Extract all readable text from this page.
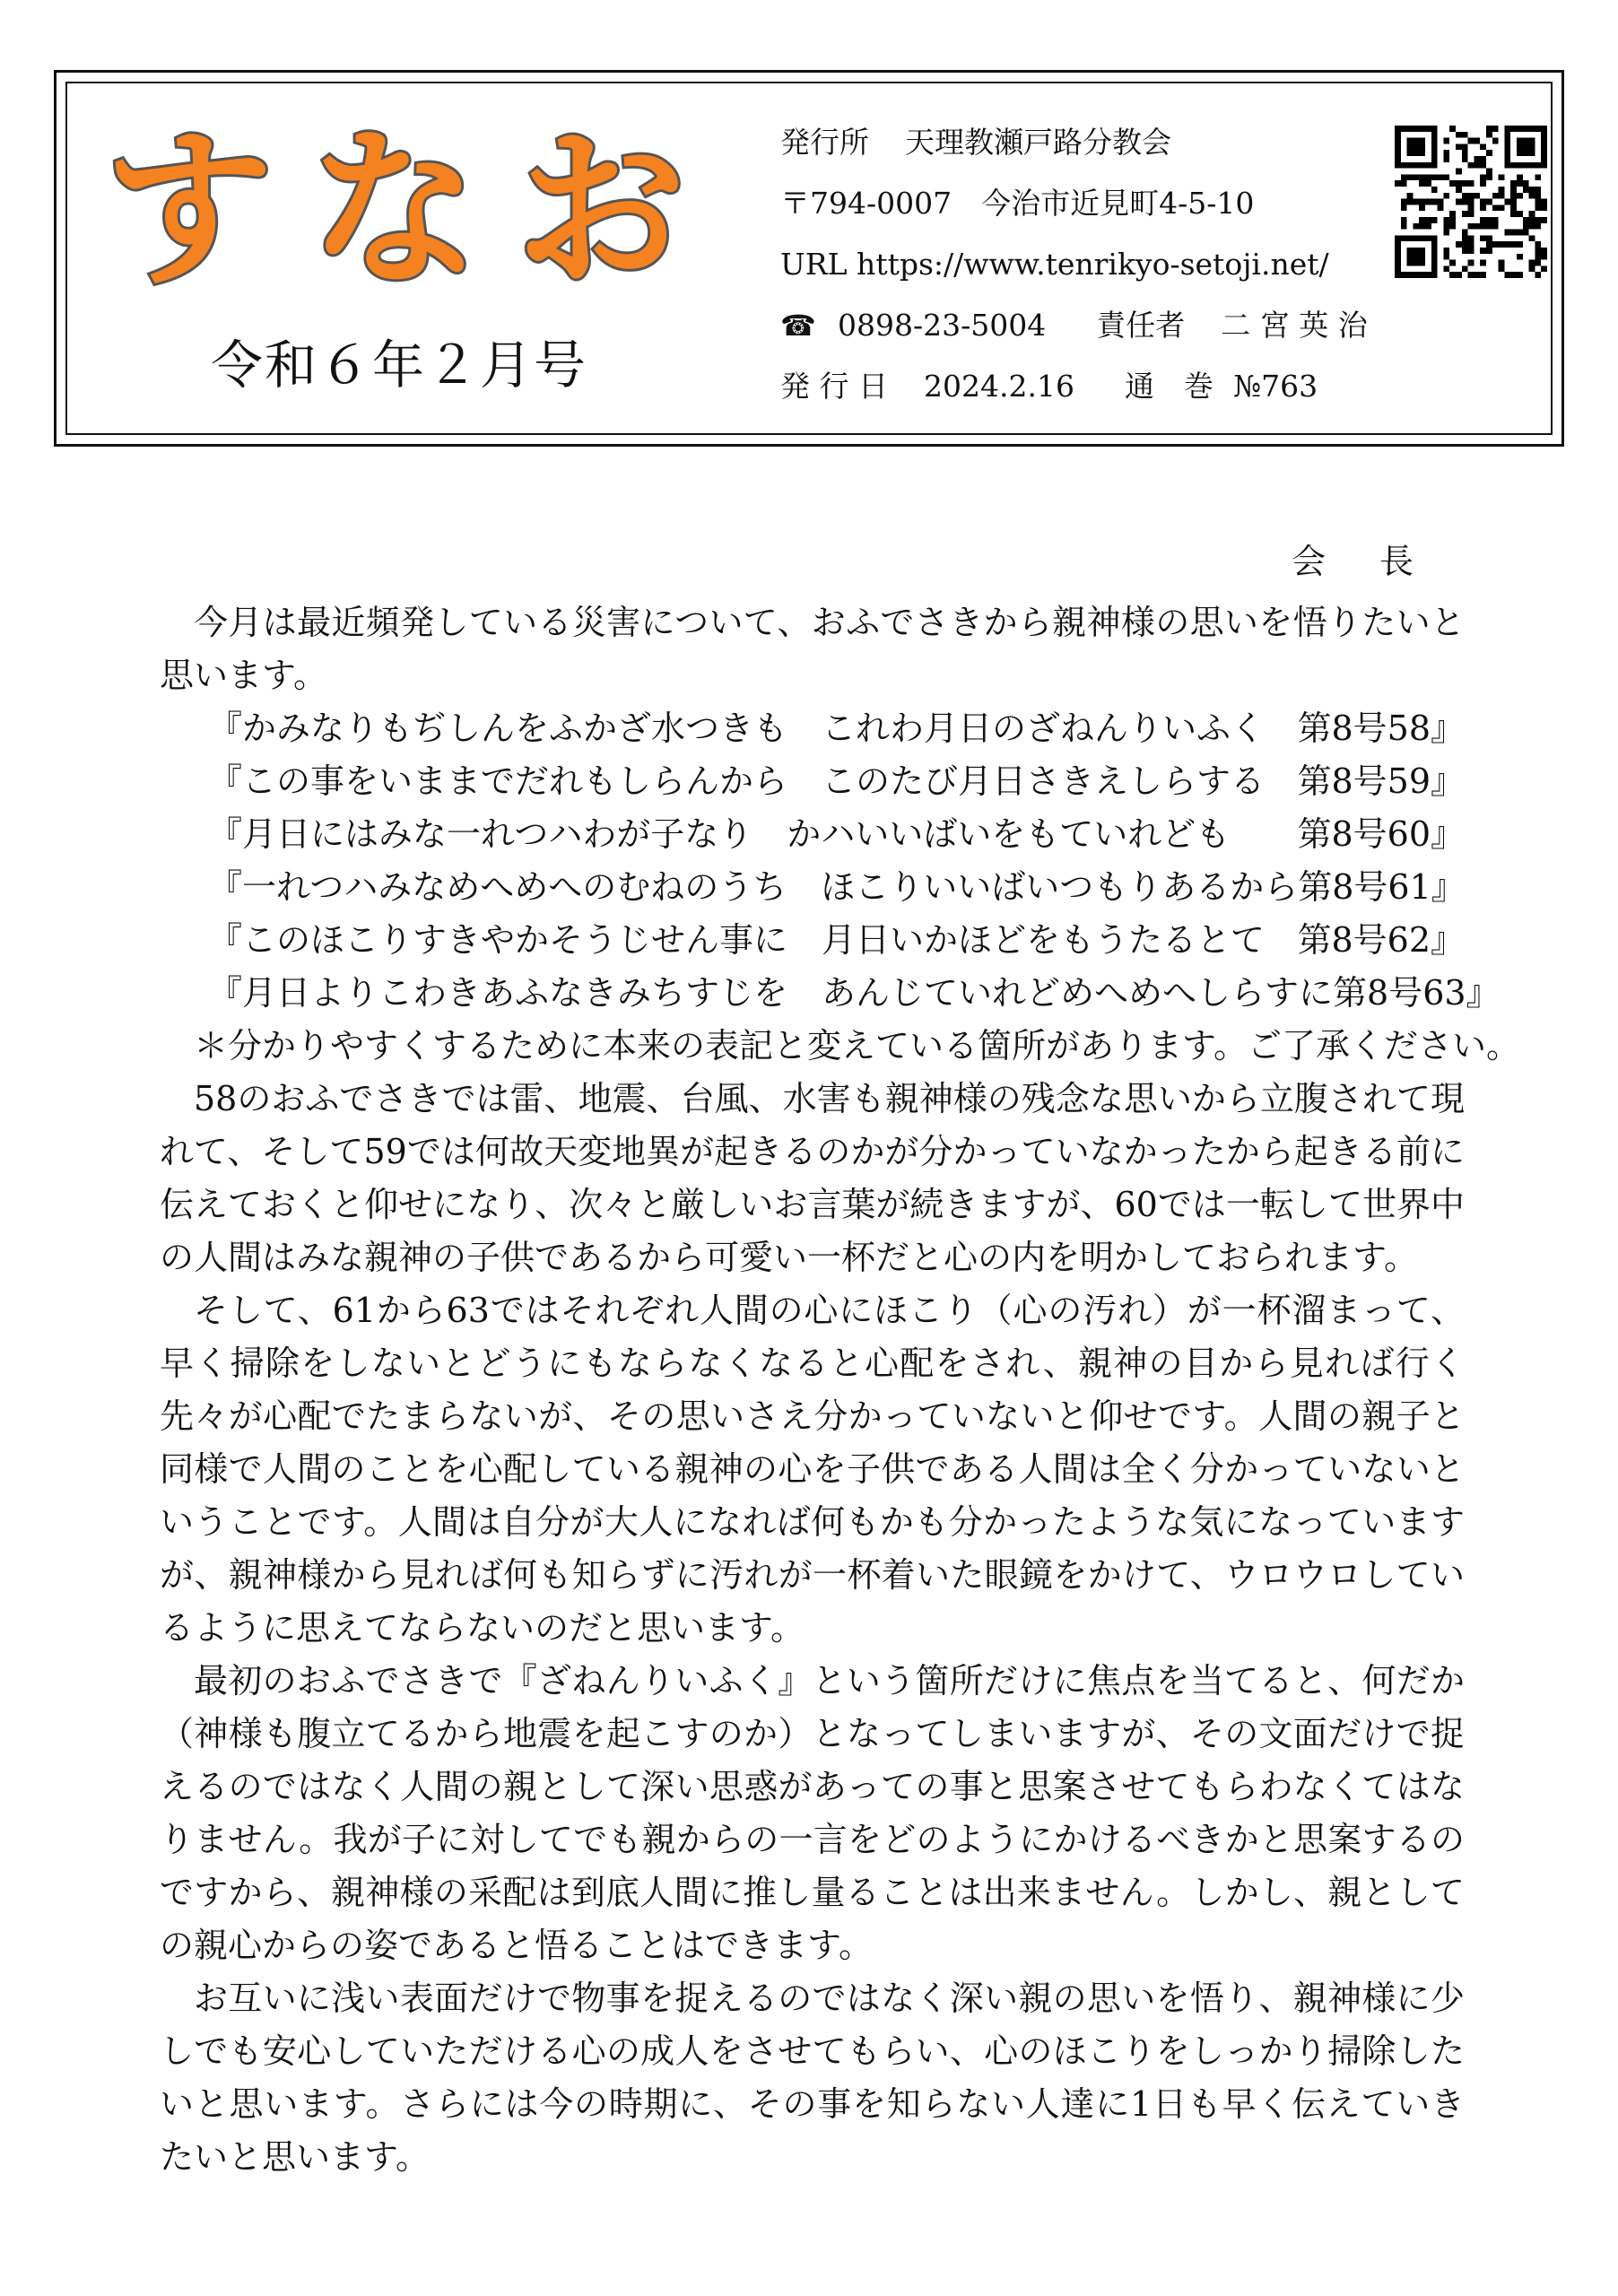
すなお
令和６年２月号
発行所 天理教瀬戸路分教会
〒794-0007　今治市近見町4-5-10
URL https://www.tenrikyo-setoji.net/
☎ 0898-23-5004 責任者 二 宮 英 治
発 行 日 2024.2.16 通　巻 №763
会長

今月は最近頻発している災害について、おふでさきから親神様の思いを悟りたいと思います。

『かみなりもぢしんをふかざ水つきも　これわ月日のざねんりいふく 第8号58』
『この事をいままでだれもしらんから　このたび月日さきえしらする 第8号59』
『月日にはみな一れつハわが子なり　かハいいばいをもていれども 第8号60』
『一れつハみなめへめへのむねのうち　ほこりいいばいつもりあるから 第8号61』
『このほこりすきやかそうじせん事に　月日いかほどをもうたるとて 第8号62』
『月日よりこわきあふなきみちすじを　あんじていれどめへめへしらすに 第8号63』
＊分かりやすくするために本来の表記と変えている箇所があります。ご了承ください。

58のおふでさきでは雷、地震、台風、水害も親神様の残念な思いから立腹されて現れて、そして59では何故天変地異が起きるのかが分かっていなかったから起きる前に伝えておくと仰せになり、次々と厳しいお言葉が続きますが、60では一転して世界中の人間はみな親神の子供であるから可愛い一杯だと心の内を明かしておられます。

そして、61から63ではそれぞれ人間の心にほこり（心の汚れ）が一杯溜まって、早く掃除をしないとどうにもならなくなると心配をされ、親神の目から見れば行く先々が心配でたまらないが、その思いさえ分かっていないと仰せです。人間の親子と同様で人間のことを心配している親神の心を子供である人間は全く分かっていないということです。人間は自分が大人になれば何もかも分かったような気になっていますが、親神様から見れば何も知らずに汚れが一杯着いた眼鏡をかけて、ウロウロしているように思えてならないのだと思います。

最初のおふでさきで『ざねんりいふく』という箇所だけに焦点を当てると、何だか（神様も腹立てるから地震を起こすのか）となってしまいますが、その文面だけで捉えるのではなく人間の親として深い思惑があっての事と思案させてもらわなくてはなりません。我が子に対してでも親からの一言をどのようにかけるべきかと思案するのですから、親神様の采配は到底人間に推し量ることは出来ません。しかし、親としての親心からの姿であると悟ることはできます。

お互いに浅い表面だけで物事を捉えるのではなく深い親の思いを悟り、親神様に少しでも安心していただける心の成人をさせてもらい、心のほこりをしっかり掃除したいと思います。さらには今の時期に、その事を知らない人達に1日も早く伝えていきたいと思います。
